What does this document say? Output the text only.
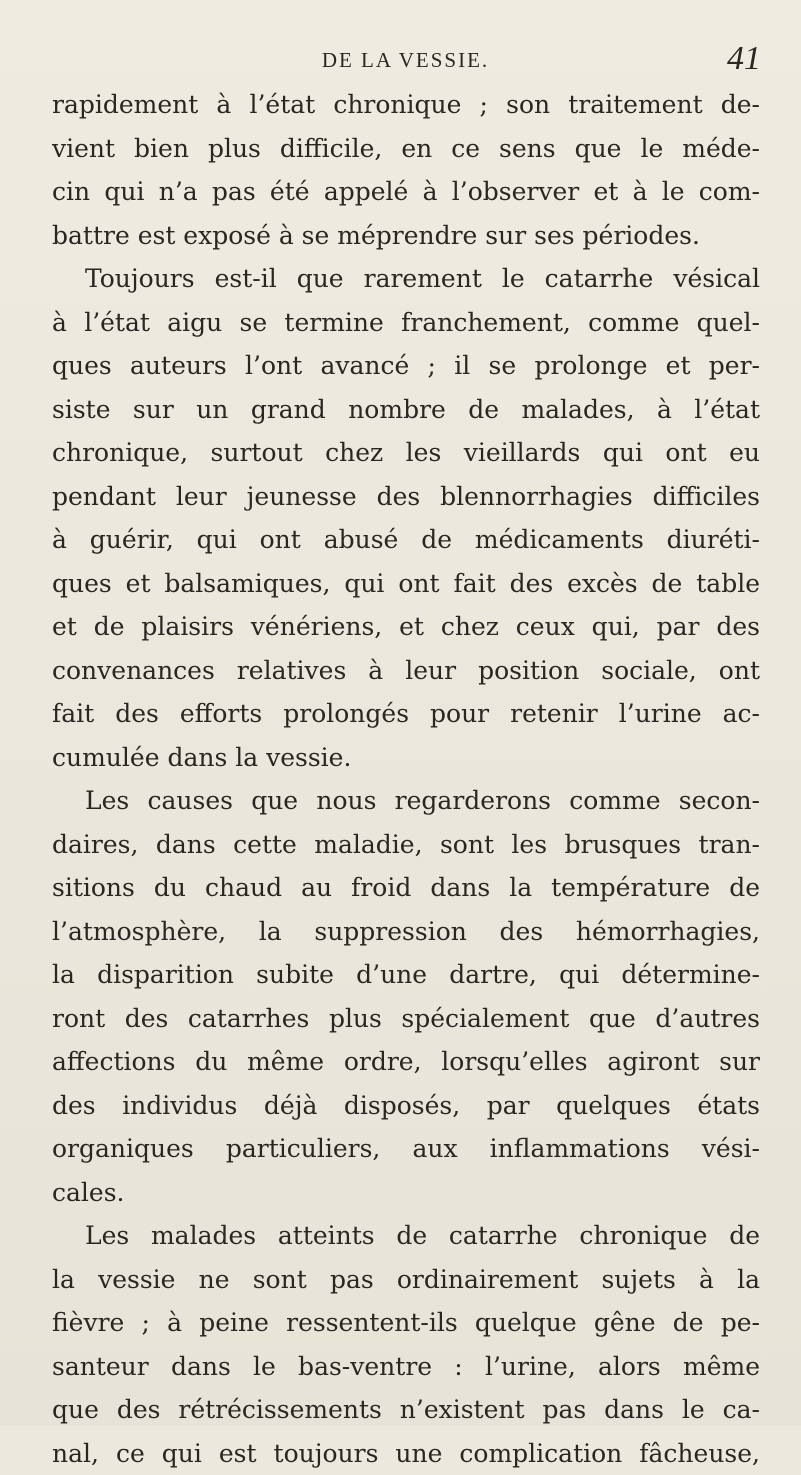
DE LA VESSIE.	41
rapidement à l’état chronique ; son traitement de-
vient bien plus difficile, en ce sens que le méde-
cin qui n’a pas été appelé à l’observer et à le com-
battre est exposé à se méprendre sur ses périodes.
Toujours est-il que rarement le catarrhe vésical
à l’état aigu se termine franchement, comme quel-
ques auteurs l’ont avancé ; il se prolonge et per-
siste sur un grand nombre de malades, à l’état
chronique, surtout chez les vieillards qui ont eu
pendant leur jeunesse des blennorrhagies difficiles
à guérir, qui ont abusé de médicaments diuréti-
ques et balsamiques, qui ont fait des excès de table
et de plaisirs vénériens, et chez ceux qui, par des
convenances relatives à leur position sociale, ont
fait des efforts prolongés pour retenir l’urine ac-
cumulée dans la vessie.
Les causes que nous regarderons comme secon-
daires, dans cette maladie, sont les brusques tran-
sitions du chaud au froid dans la température de
l’atmosphère, la suppression des hémorrhagies,
la disparition subite d’une dartre, qui détermine-
ront des catarrhes plus spécialement que d’autres
affections du même ordre, lorsqu’elles agiront sur
des individus déjà disposés, par quelques états
organiques particuliers, aux inflammations vési-
cales.
Les malades atteints de catarrhe chronique de
la vessie ne sont pas ordinairement sujets à la
fièvre ; à peine ressentent-ils quelque gêne de pe-
santeur dans le bas-ventre : l’urine, alors même
que des rétrécissements n’existent pas dans le ca-
nal, ce qui est toujours une complication fâcheuse,
